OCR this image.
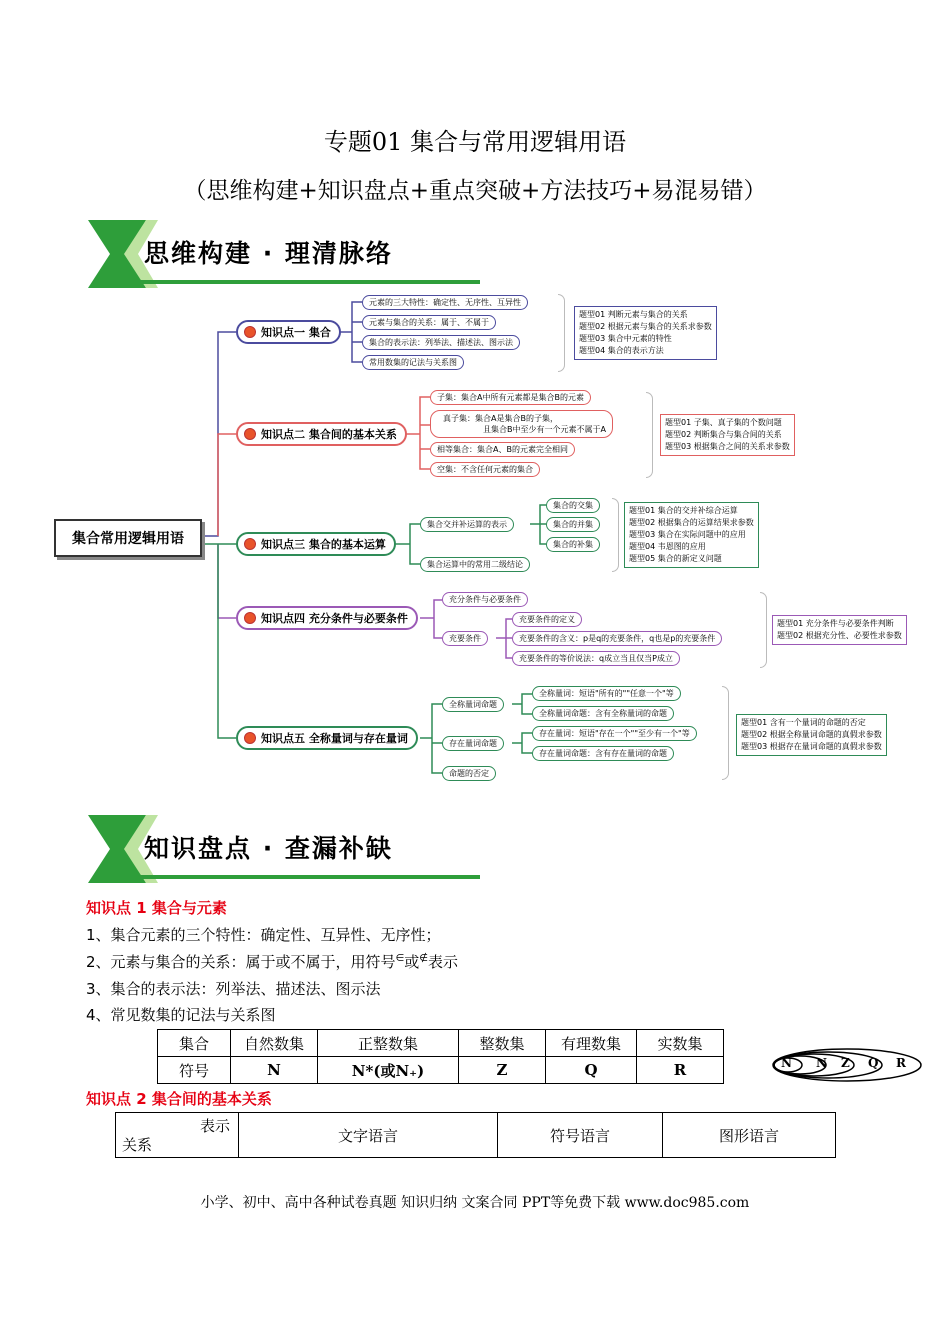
专题01 集合与常用逻辑用语
（思维构建+知识盘点+重点突破+方法技巧+易混易错）
思维构建 · 理清脉络
集合常用逻辑用语
知识点一 集合
元素的三大特性：确定性、无序性、互异性
元素与集合的关系：属于、不属于
集合的表示法：列举法、描述法、图示法
常用数集的记法与关系图
题型01 判断元素与集合的关系
题型02 根据元素与集合的关系求参数
题型03 集合中元素的特性
题型04 集合的表示方法
知识点二 集合间的基本关系
子集：集合A中所有元素都是集合B的元素
真子集：集合A是集合B的子集，
且集合B中至少有一个元素不属于A
相等集合：集合A、B的元素完全相同
空集：不含任何元素的集合
题型01 子集、真子集的个数问题
题型02 判断集合与集合间的关系
题型03 根据集合之间的关系求参数
知识点三 集合的基本运算
集合交并补运算的表示
集合运算中的常用二级结论
集合的交集
集合的并集
集合的补集
题型01 集合的交并补综合运算
题型02 根据集合的运算结果求参数
题型03 集合在实际问题中的应用
题型04 韦恩图的应用
题型05 集合的新定义问题
知识点四 充分条件与必要条件
充分条件与必要条件
充要条件
充要条件的定义
充要条件的含义：p是q的充要条件，q也是p的充要条件
充要条件的等价说法：q成立当且仅当P成立
题型01 充分条件与必要条件判断
题型02 根据充分性、必要性求参数
知识点五 全称量词与存在量词
全称量词命题
存在量词命题
命题的否定
全称量词：短语"所有的""任意一个"等
全称量词命题：含有全称量词的命题
存在量词：短语"存在一个""至少有一个"等
存在量词命题：含有存在量词的命题
题型01 含有一个量词的命题的否定
题型02 根据全称量词命题的真假求参数
题型03 根据存在量词命题的真假求参数
知识盘点 · 查漏补缺
知识点 1 集合与元素
1、集合元素的三个特性：确定性、互异性、无序性；
2、元素与集合的关系：属于或不属于，用符号∈或∉表示
3、集合的表示法：列举法、描述法、图示法
4、常见数集的记法与关系图
集合	自然数集	正整数集	整数集	有理数集	实数集
符号	N	N*(或N₊)	Z	Q	R	N N Z Q R
知识点 2 集合间的基本关系
表示
关系
	文字语言	符号语言	图形语言
小学、初中、高中各种试卷真题 知识归纳 文案合同 PPT等免费下载 www.doc985.com
